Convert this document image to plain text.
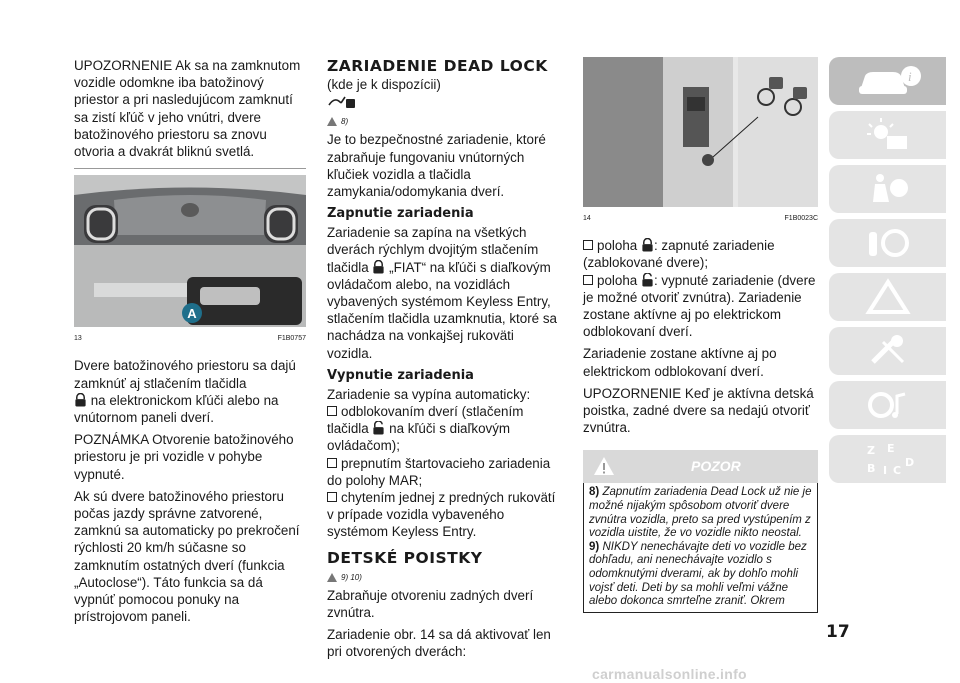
UPOZORNENIE Ak sa na zamknutom vozidle odomkne iba batožinový priestor a pri nasledujúcom zamknutí sa zistí kľúč v jeho vnútri, dvere batožinového priestoru sa znovu otvoria a dvakrát bliknú svetlá.

A
13	F1B0757

Dvere batožinového priestoru sa dajú zamknúť aj stlačením tlačidla
na elektronickom kľúči alebo na vnútornom paneli dverí.

POZNÁMKA Otvorenie batožinového priestoru je pri vozidle v pohybe vypnuté.

Ak sú dvere batožinového priestoru počas jazdy správne zatvorené, zamknú sa automaticky po prekročení rýchlosti 20 km/h súčasne so zamknutím ostatných dverí (funkcia „Autoclose“). Táto funkcia sa dá vypnúť pomocou ponuky na prístrojovom paneli.

ZARIADENIE DEAD LOCK
(kde je k dispozícii)
8)

Je to bezpečnostné zariadenie, ktoré zabraňuje fungovaniu vnútorných kľučiek vozidla a tlačidla zamykania/odomykania dverí.

Zapnutie zariadenia

Zariadenie sa zapína na všetkých dverách rýchlym dvojitým stlačením tlačidla „FIAT“ na kľúči s diaľkovým ovládačom alebo, na vozidlách vybavených systémom Keyless Entry, stlačením tlačidla uzamknutia, ktoré sa nachádza na vonkajšej rukoväti vozidla.

Vypnutie zariadenia

Zariadenie sa vypína automaticky:

odblokovaním dverí (stlačením tlačidla na kľúči s diaľkovým ovládačom);

prepnutím štartovacieho zariadenia do polohy MAR;

chytením jednej z predných rukovätí v prípade vozidla vybaveného systémom Keyless Entry.

DETSKÉ POISTKY
9) 10)

Zabraňuje otvoreniu zadných dverí zvnútra.

Zariadenie obr. 14 sa dá aktivovať len pri otvorených dverách:

14	F1B0023C

poloha : zapnuté zariadenie (zablokované dvere);

poloha : vypnuté zariadenie (dvere je možné otvoriť zvnútra). Zariadenie zostane aktívne aj po elektrickom odblokovaní dverí.

Zariadenie zostane aktívne aj po elektrickom odblokovaní dverí.

UPOZORNENIE Keď je aktívna detská poistka, zadné dvere sa nedajú otvoriť zvnútra.

POZOR

8) Zapnutím zariadenia Dead Lock už nie je možné nijakým spôsobom otvoriť dvere zvnútra vozidla, preto sa pred vystúpením z vozidla uistite, že vo vozidle nikto neostal.

9) NIKDY nenechávajte deti vo vozidle bez dohľadu, ani nenechávajte vozidlo s odomknutými dverami, ak by dohľo mohli vojsť deti. Deti by sa mohli veľmi vážne alebo dokonca smrteľne zraniť. Okrem

17
i
Z E
B I C
D
carmanualsonline.info
